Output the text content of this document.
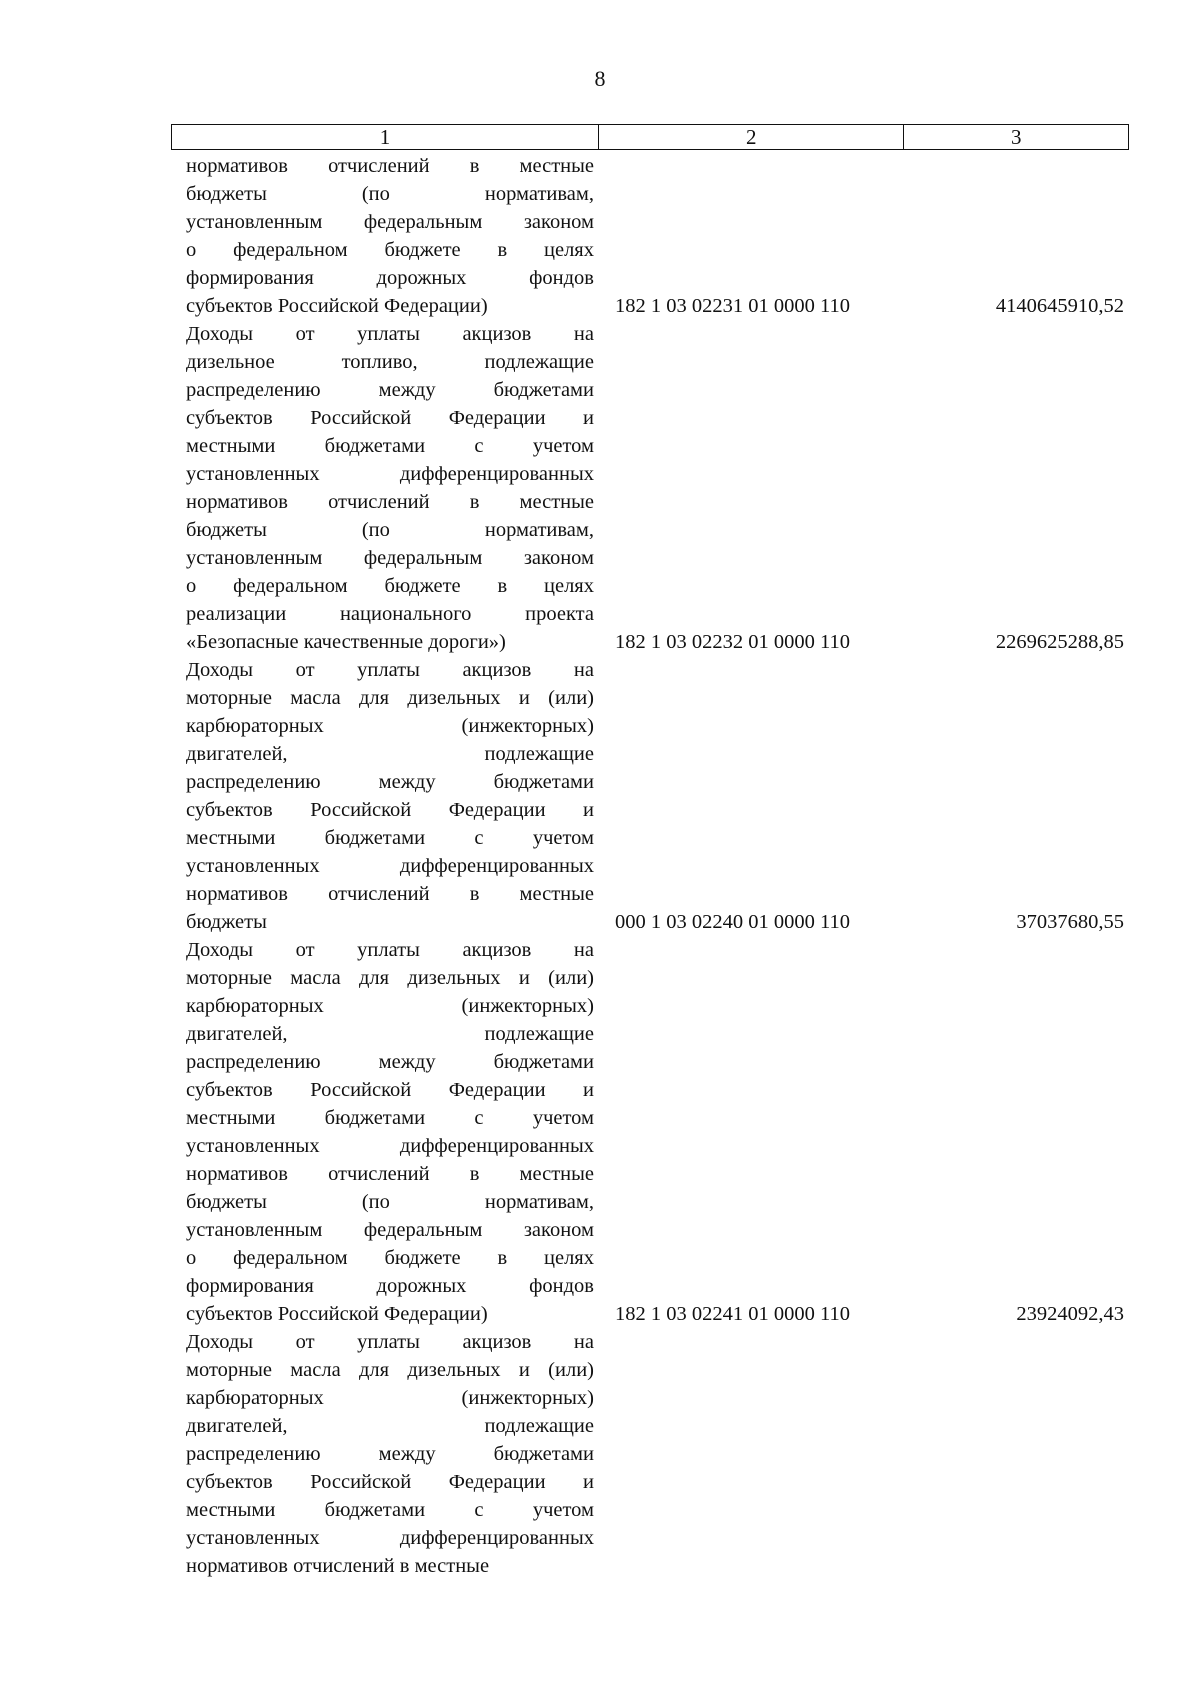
8
1	2	3
нормативов отчислений в местные
бюджеты (по нормативам,
установленным федеральным законом
о федеральном бюджете в целях
формирования дорожных фондов
субъектов Российской Федерации)	182 1 03 02231 01 0000 110	4140645910,52
Доходы от уплаты акцизов на
дизельное топливо, подлежащие
распределению между бюджетами
субъектов Российской Федерации и
местными бюджетами с учетом
установленных дифференцированных
нормативов отчислений в местные
бюджеты (по нормативам,
установленным федеральным законом
о федеральном бюджете в целях
реализации национального проекта
«Безопасные качественные дороги»)	182 1 03 02232 01 0000 110	2269625288,85
Доходы от уплаты акцизов на
моторные масла для дизельных и (или)
карбюраторных (инжекторных)
двигателей, подлежащие
распределению между бюджетами
субъектов Российской Федерации и
местными бюджетами с учетом
установленных дифференцированных
нормативов отчислений в местные
бюджеты	000 1 03 02240 01 0000 110	37037680,55
Доходы от уплаты акцизов на
моторные масла для дизельных и (или)
карбюраторных (инжекторных)
двигателей, подлежащие
распределению между бюджетами
субъектов Российской Федерации и
местными бюджетами с учетом
установленных дифференцированных
нормативов отчислений в местные
бюджеты (по нормативам,
установленным федеральным законом
о федеральном бюджете в целях
формирования дорожных фондов
субъектов Российской Федерации)	182 1 03 02241 01 0000 110	23924092,43
Доходы от уплаты акцизов на
моторные масла для дизельных и (или)
карбюраторных (инжекторных)
двигателей, подлежащие
распределению между бюджетами
субъектов Российской Федерации и
местными бюджетами с учетом
установленных дифференцированных
нормативов отчислений в местные
